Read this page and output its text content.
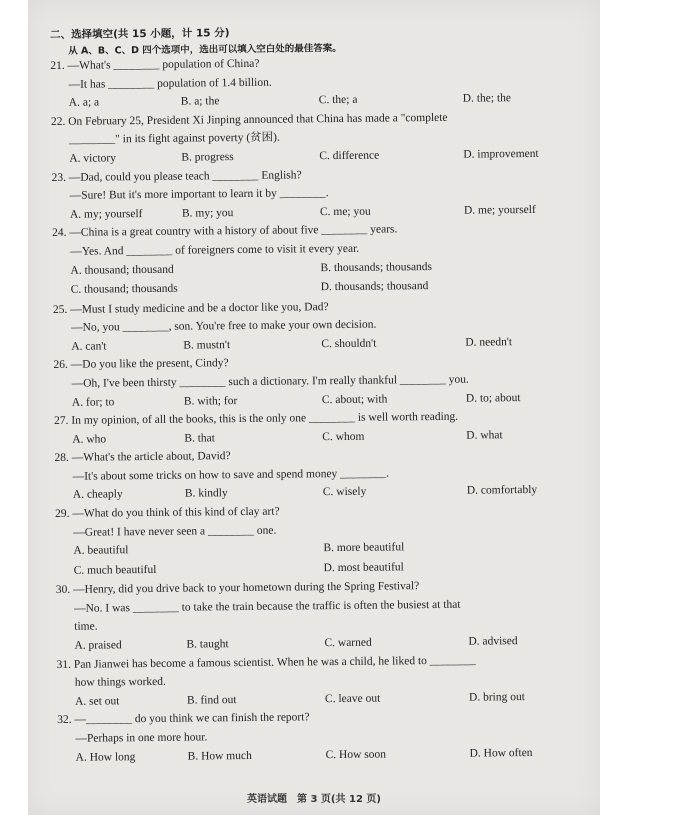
二、选择填空(共 15 小题，计 15 分)
从 A、B、C、D 四个选项中，选出可以填入空白处的最佳答案。
21. —What's ________ population of China?
—It has ________ population of 1.4 billion.
A. a; a	B. a; the	C. the; a	D. the; the
22. On February 25, President Xi Jinping announced that China has made a "complete
________" in its fight against poverty (贫困).
A. victory	B. progress	C. difference	D. improvement
23. —Dad, could you please teach ________ English?
—Sure! But it's more important to learn it by ________.
A. my; yourself	B. my; you	C. me; you	D. me; yourself
24. —China is a great country with a history of about five ________ years.
—Yes. And ________ of foreigners come to visit it every year.
A. thousand; thousand	B. thousands; thousands
C. thousand; thousands	D. thousands; thousand
25. —Must I study medicine and be a doctor like you, Dad?
—No, you ________, son. You're free to make your own decision.
A. can't	B. mustn't	C. shouldn't	D. needn't
26. —Do you like the present, Cindy?
—Oh, I've been thirsty ________ such a dictionary. I'm really thankful ________ you.
A. for; to	B. with; for	C. about; with	D. to; about
27. In my opinion, of all the books, this is the only one ________ is well worth reading.
A. who	B. that	C. whom	D. what
28. —What's the article about, David?
—It's about some tricks on how to save and spend money ________.
A. cheaply	B. kindly	C. wisely	D. comfortably
29. —What do you think of this kind of clay art?
—Great! I have never seen a ________ one.
A. beautiful	B. more beautiful
C. much beautiful	D. most beautiful
30. —Henry, did you drive back to your hometown during the Spring Festival?
—No. I was ________ to take the train because the traffic is often the busiest at that
time.
A. praised	B. taught	C. warned	D. advised
31. Pan Jianwei has become a famous scientist. When he was a child, he liked to ________
how things worked.
A. set out	B. find out	C. leave out	D. bring out
32. —________ do you think we can finish the report?
—Perhaps in one more hour.
A. How long	B. How much	C. How soon	D. How often
英语试题　第 3 页(共 12 页)
